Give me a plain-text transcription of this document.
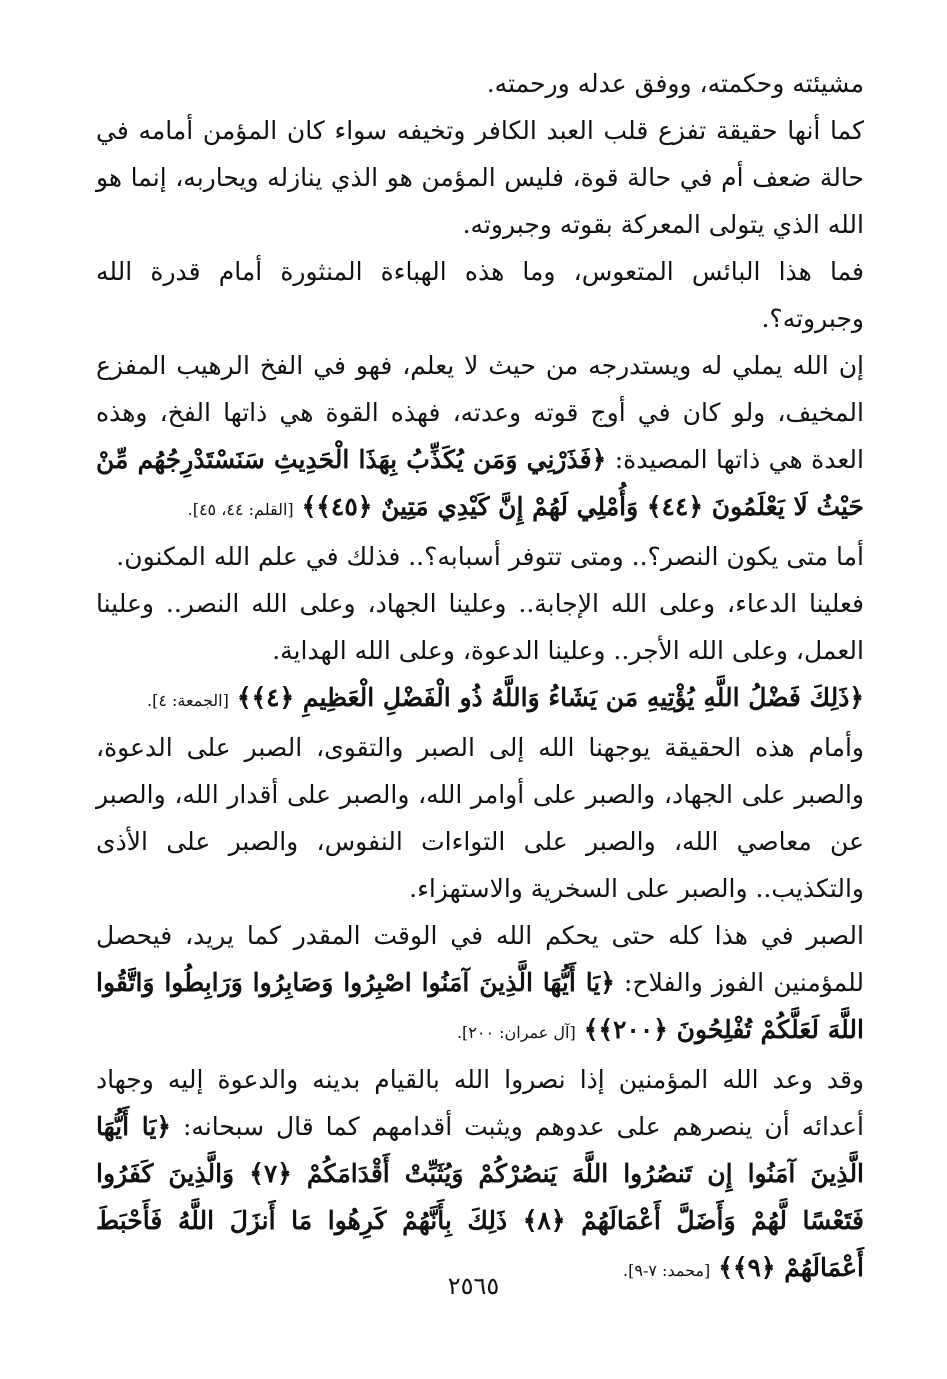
مشيئته وحكمته، ووفق عدله ورحمته.

كما أنها حقيقة تفزع قلب العبد الكافر وتخيفه سواء كان المؤمن أمامه في حالة ضعف أم في حالة قوة، فليس المؤمن هو الذي ينازله ويحاربه، إنما هو الله الذي يتولى المعركة بقوته وجبروته.

فما هذا البائس المتعوس، وما هذه الهباءة المنثورة أمام قدرة الله وجبروته؟.

إن الله يملي له ويستدرجه من حيث لا يعلم، فهو في الفخ الرهيب المفزع المخيف، ولو كان في أوج قوته وعدته، فهذه القوة هي ذاتها الفخ، وهذه العدة هي ذاتها المصيدة: ﴿فَذَرْنِي وَمَن يُكَذِّبُ بِهَذَا الْحَدِيثِ سَنَسْتَدْرِجُهُم مِّنْ حَيْثُ لَا يَعْلَمُونَ ﴿٤٤﴾ وَأُمْلِي لَهُمْ إِنَّ كَيْدِي مَتِينٌ ﴿٤٥﴾﴾ [القلم: ٤٤، ٤٥].

أما متى يكون النصر؟.. ومتى تتوفر أسبابه؟.. فذلك في علم الله المكنون.

فعلينا الدعاء، وعلى الله الإجابة.. وعلينا الجهاد، وعلى الله النصر.. وعلينا العمل، وعلى الله الأجر.. وعلينا الدعوة، وعلى الله الهداية.

﴿ذَلِكَ فَضْلُ اللَّهِ يُؤْتِيهِ مَن يَشَاءُ وَاللَّهُ ذُو الْفَضْلِ الْعَظِيمِ ﴿٤﴾﴾ [الجمعة: ٤].

وأمام هذه الحقيقة يوجهنا الله إلى الصبر والتقوى، الصبر على الدعوة، والصبر على الجهاد، والصبر على أوامر الله، والصبر على أقدار الله، والصبر عن معاصي الله، والصبر على التواءات النفوس، والصبر على الأذى والتكذيب.. والصبر على السخرية والاستهزاء.

الصبر في هذا كله حتى يحكم الله في الوقت المقدر كما يريد، فيحصل للمؤمنين الفوز والفلاح: ﴿يَا أَيُّهَا الَّذِينَ آمَنُوا اصْبِرُوا وَصَابِرُوا وَرَابِطُوا وَاتَّقُوا اللَّهَ لَعَلَّكُمْ تُفْلِحُونَ ﴿٢٠٠﴾﴾ [آل عمران: ٢٠٠].

وقد وعد الله المؤمنين إذا نصروا الله بالقيام بدينه والدعوة إليه وجهاد أعدائه أن ينصرهم على عدوهم ويثبت أقدامهم كما قال سبحانه: ﴿يَا أَيُّهَا الَّذِينَ آمَنُوا إِن تَنصُرُوا اللَّهَ يَنصُرْكُمْ وَيُثَبِّتْ أَقْدَامَكُمْ ﴿٧﴾ وَالَّذِينَ كَفَرُوا فَتَعْسًا لَّهُمْ وَأَضَلَّ أَعْمَالَهُمْ ﴿٨﴾ ذَلِكَ بِأَنَّهُمْ كَرِهُوا مَا أَنزَلَ اللَّهُ فَأَحْبَطَ أَعْمَالَهُمْ ﴿٩﴾﴾ [محمد: ٧-٩].

٢٥٦٥
